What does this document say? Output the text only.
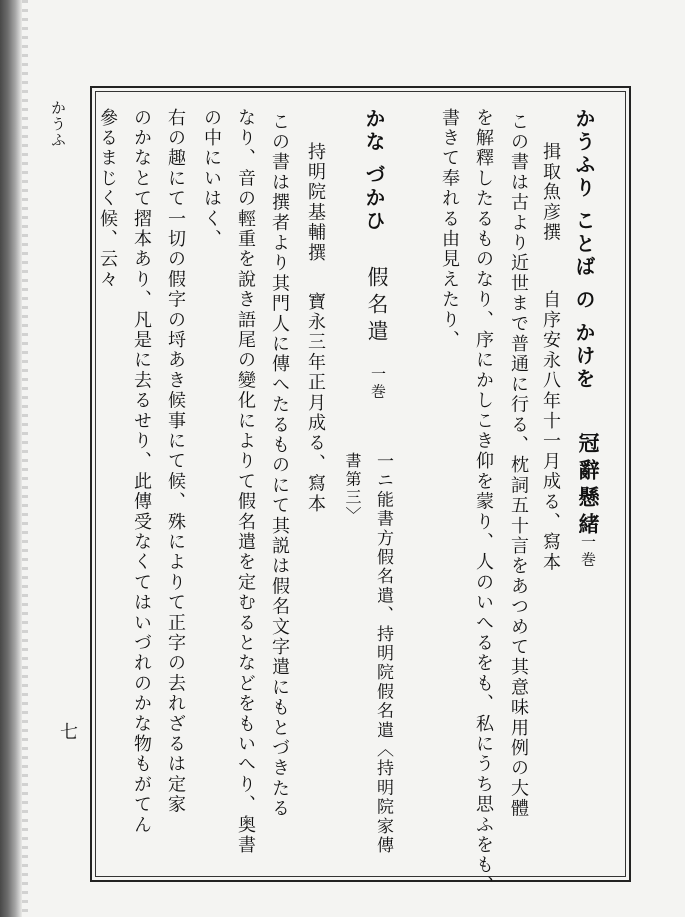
かうふ
七
かうふり ことば の かけを
冠辭懸緒
一巻
揖取魚彦撰
自序安永八年十一月成る、寫本
この書は古より近世まで普通に行る、枕詞五十言をあつめて其意味用例の大體
を解釋したるものなり、序にかしこき仰を蒙り、人のいへるをも、私にうち思ふをも、
書きて奉れる由見えたり、
かな づかひ
假名遣
一巻
一ニ能書方假名遣、持明院假名遣〈持明院家傳
書第三〉
持明院基輔撰
寶永三年正月成る、寫本
この書は撰者より其門人に傳へたるものにて其説は假名文字遣にもとづきたる
なり、音の輕重を說き語尾の變化によりて假名遣を定むるとなどをもいへり、奥書
の中にいはく、
右の趣にて一切の假字の埒あき候事にて候、殊によりて正字の去れざるは定家
のかなとて摺本あり、凡是に去るせり、此傳受なくてはいづれのかな物もがてん
參るまじく候、云々
